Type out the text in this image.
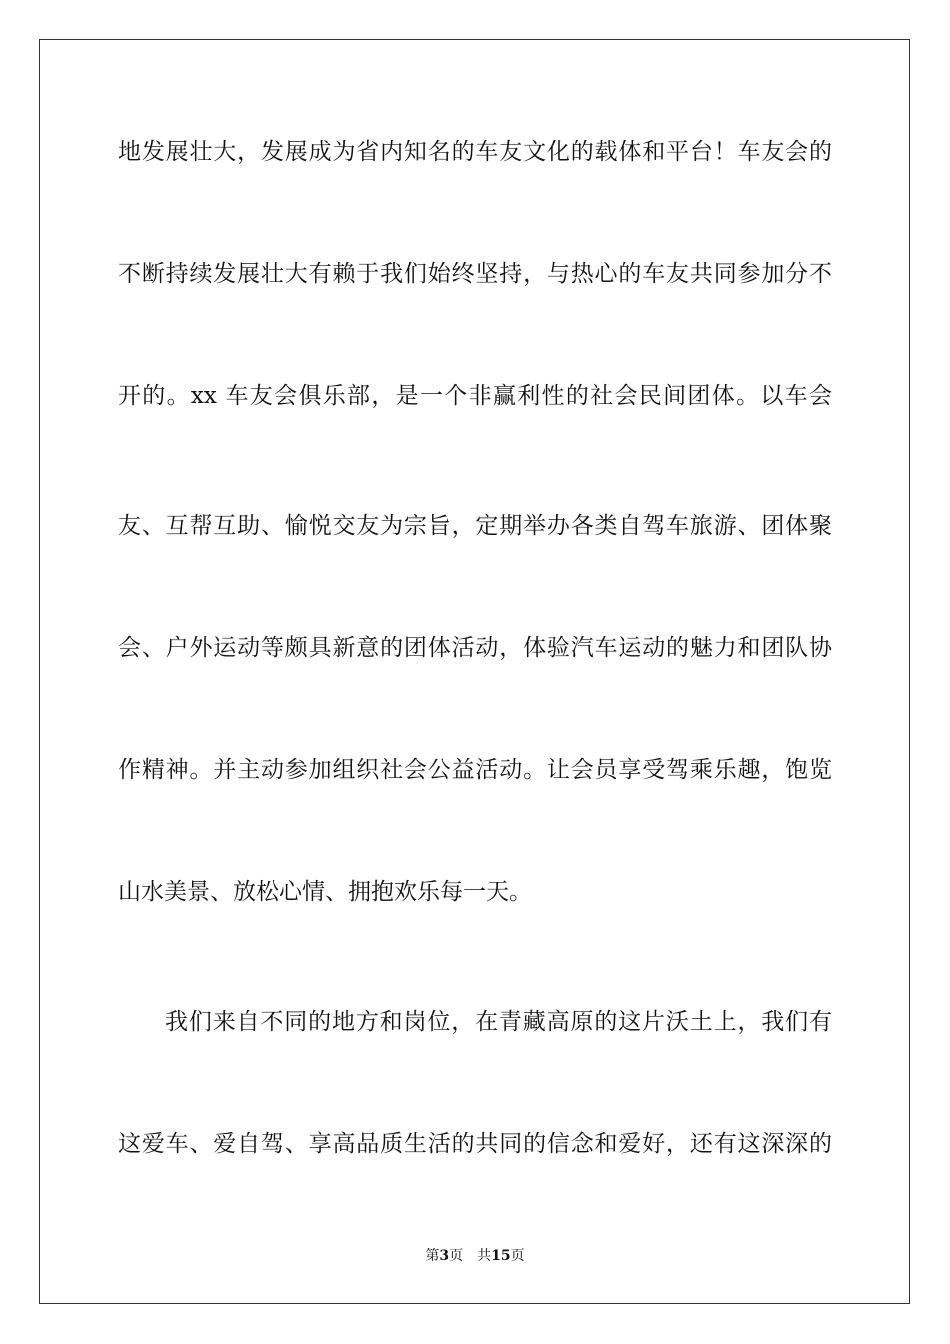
地发展壮大，发展成为省内知名的车友文化的载体和平台！车友会的
不断持续发展壮大有赖于我们始终坚持，与热心的车友共同参加分不
开的。xx 车友会俱乐部，是一个非赢利性的社会民间团体。以车会
友、互帮互助、愉悦交友为宗旨，定期举办各类自驾车旅游、团体聚
会、户外运动等颇具新意的团体活动，体验汽车运动的魅力和团队协
作精神。并主动参加组织社会公益活动。让会员享受驾乘乐趣，饱览
山水美景、放松心情、拥抱欢乐每一天。
我们来自不同的地方和岗位，在青藏高原的这片沃土上，我们有
这爱车、爱自驾、享高品质生活的共同的信念和爱好，还有这深深的
第3页 共15页
